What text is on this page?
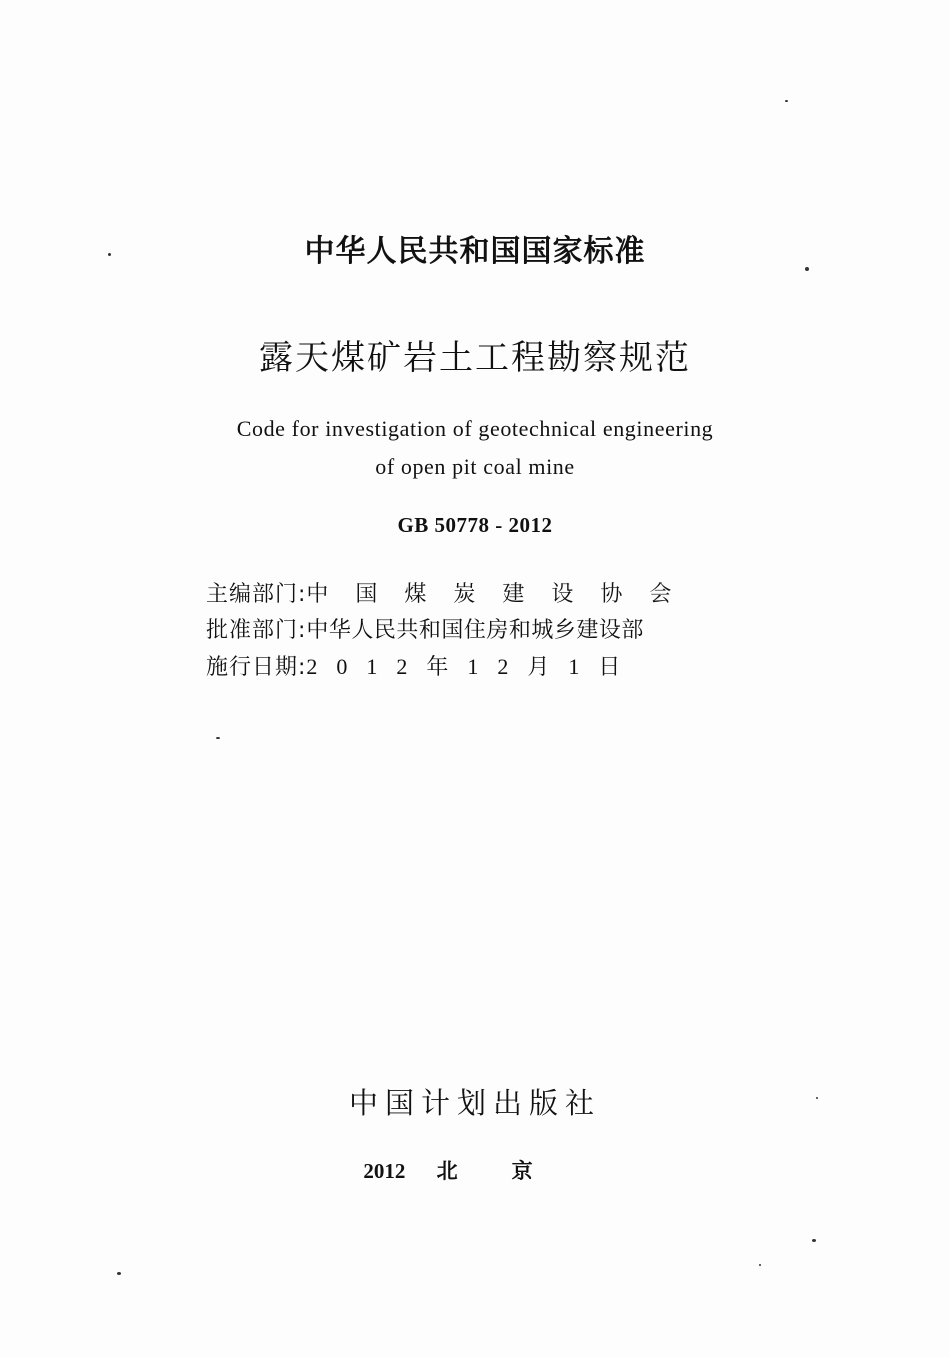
中华人民共和国国家标准
露天煤矿岩土工程勘察规范
Code for investigation of geotechnical engineering
of open pit coal mine
GB 50778 - 2012
主编部门: 中国煤炭建设协会
批准部门: 中华人民共和国住房和城乡建设部
施行日期: 2012年12月1日
中国计划出版社
2012 北京
